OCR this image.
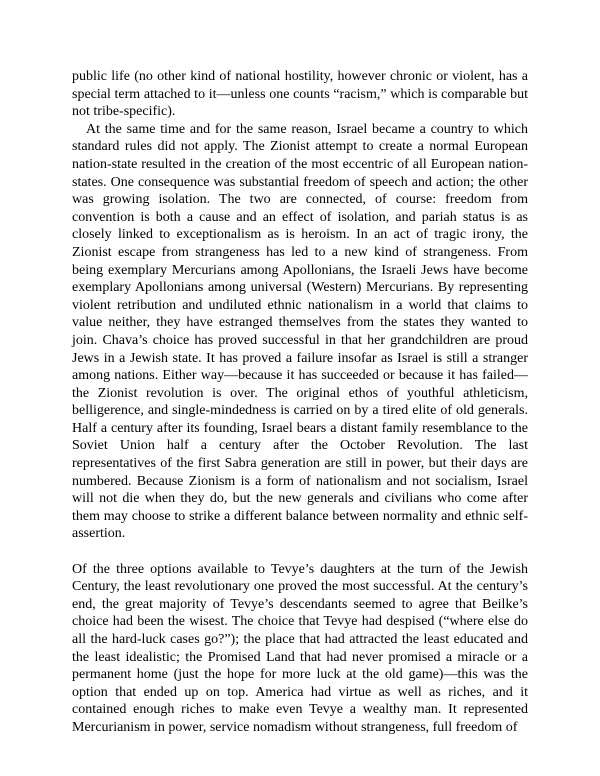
public life (no other kind of national hostility, however chronic or violent, has a special term attached to it—unless one counts “racism,” which is comparable but not tribe-specific).

At the same time and for the same reason, Israel became a country to which standard rules did not apply. The Zionist attempt to create a normal European nation-state resulted in the creation of the most eccentric of all European nation-states. One consequence was substantial freedom of speech and action; the other was growing isolation. The two are connected, of course: freedom from convention is both a cause and an effect of isolation, and pariah status is as closely linked to exceptionalism as is heroism. In an act of tragic irony, the Zionist escape from strangeness has led to a new kind of strangeness. From being exemplary Mercurians among Apollonians, the Israeli Jews have become exemplary Apollonians among universal (Western) Mercurians. By representing violent retribution and undiluted ethnic nationalism in a world that claims to value neither, they have estranged themselves from the states they wanted to join. Chava’s choice has proved successful in that her grandchildren are proud Jews in a Jewish state. It has proved a failure insofar as Israel is still a stranger among nations. Either way—because it has succeeded or because it has failed—the Zionist revolution is over. The original ethos of youthful athleticism, belligerence, and single-mindedness is carried on by a tired elite of old generals. Half a century after its founding, Israel bears a distant family resemblance to the Soviet Union half a century after the October Revolution. The last representatives of the first Sabra generation are still in power, but their days are numbered. Because Zionism is a form of nationalism and not socialism, Israel will not die when they do, but the new generals and civilians who come after them may choose to strike a different balance between normality and ethnic self-assertion.

Of the three options available to Tevye’s daughters at the turn of the Jewish Century, the least revolutionary one proved the most successful. At the century’s end, the great majority of Tevye’s descendants seemed to agree that Beilke’s choice had been the wisest. The choice that Tevye had despised (“where else do all the hard-luck cases go?”); the place that had attracted the least educated and the least idealistic; the Promised Land that had never promised a miracle or a permanent home (just the hope for more luck at the old game)—this was the option that ended up on top. America had virtue as well as riches, and it contained enough riches to make even Tevye a wealthy man. It represented Mercurianism in power, service nomadism without strangeness, full freedom of
